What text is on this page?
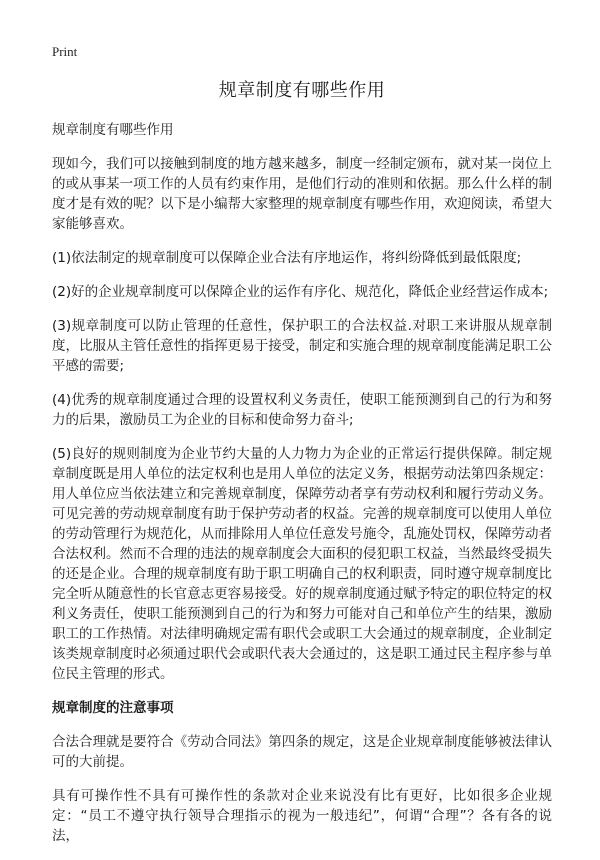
Print
规章制度有哪些作用

规章制度有哪些作用

现如今，我们可以接触到制度的地方越来越多，制度一经制定颁布，就对某一岗位上的或从事某一项工作的人员有约束作用，是他们行动的准则和依据。那么什么样的制度才是有效的呢？以下是小编帮大家整理的规章制度有哪些作用，欢迎阅读，希望大家能够喜欢。

(1)依法制定的规章制度可以保障企业合法有序地运作，将纠纷降低到最低限度;

(2)好的企业规章制度可以保障企业的运作有序化、规范化，降低企业经营运作成本;

(3)规章制度可以防止管理的任意性，保护职工的合法权益.对职工来讲服从规章制度，比服从主管任意性的指挥更易于接受，制定和实施合理的规章制度能满足职工公平感的需要;

(4)优秀的规章制度通过合理的设置权利义务责任，使职工能预测到自己的行为和努力的后果，激励员工为企业的目标和使命努力奋斗;

(5)良好的规则制度为企业节约大量的人力物力为企业的正常运行提供保障。制定规章制度既是用人单位的法定权利也是用人单位的法定义务，根据劳动法第四条规定：用人单位应当依法建立和完善规章制度，保障劳动者享有劳动权利和履行劳动义务。可见完善的劳动规章制度有助于保护劳动者的权益。完善的规章制度可以使用人单位的劳动管理行为规范化，从而排除用人单位任意发号施令，乱施处罚权，保障劳动者合法权利。然而不合理的违法的规章制度会大面积的侵犯职工权益，当然最终受损失的还是企业。合理的规章制度有助于职工明确自己的权利职责，同时遵守规章制度比完全听从随意性的长官意志更容易接受。好的规章制度通过赋予特定的职位特定的权利义务责任，使职工能预测到自己的行为和努力可能对自己和单位产生的结果，激励职工的工作热情。对法律明确规定需有职代会或职工大会通过的规章制度，企业制定该类规章制度时必须通过职代会或职代表大会通过的，这是职工通过民主程序参与单位民主管理的形式。

规章制度的注意事项

合法合理就是要符合《劳动合同法》第四条的规定，这是企业规章制度能够被法律认可的大前提。

具有可操作性不具有可操作性的条款对企业来说没有比有更好，比如很多企业规定：“员工不遵守执行领导合理指示的视为一般违纪”，何谓“合理”？各有各的说法，
